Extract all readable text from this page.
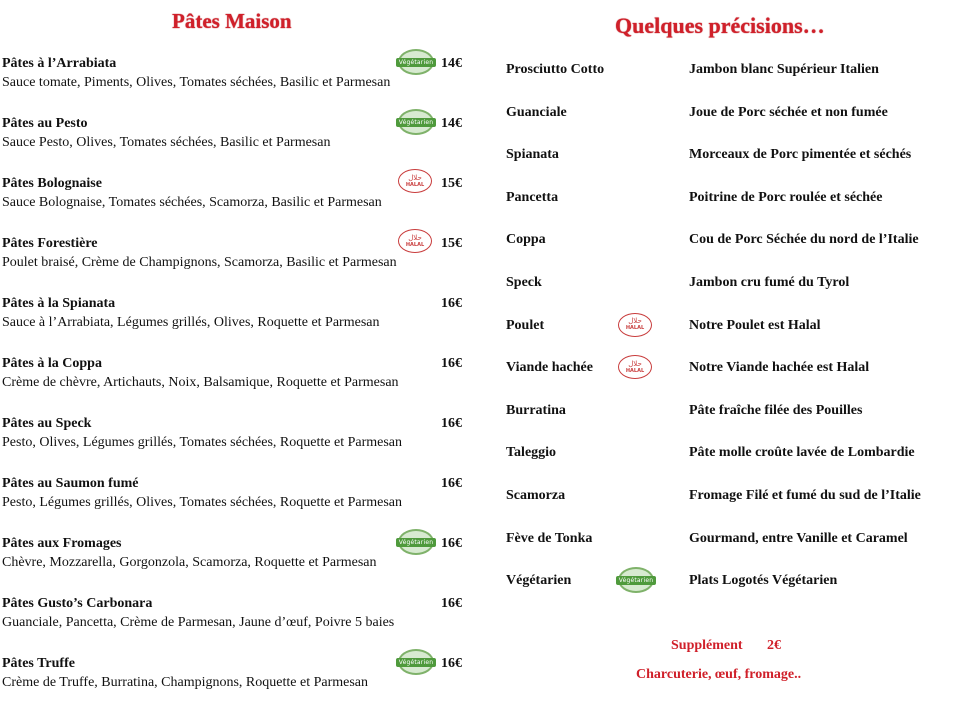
Pâtes Maison
Pâtes à l’Arrabiata	14€
Sauce tomate, Piments, Olives, Tomates séchées, Basilic et Parmesan
Végétarien
Pâtes au Pesto	14€
Sauce Pesto, Olives, Tomates séchées, Basilic et Parmesan
Végétarien
Pâtes Bolognaise	15€
Sauce Bolognaise, Tomates séchées, Scamorza, Basilic et Parmesan
حلال
HALAL
Pâtes Forestière	15€
Poulet braisé, Crème de Champignons, Scamorza, Basilic et Parmesan
حلال
HALAL
Pâtes à la Spianata	16€
Sauce à l’Arrabiata, Légumes grillés, Olives, Roquette et Parmesan
Pâtes à la Coppa	16€
Crème de chèvre, Artichauts, Noix, Balsamique, Roquette et Parmesan
Pâtes au Speck	16€
Pesto, Olives, Légumes grillés, Tomates séchées, Roquette et Parmesan
Pâtes au Saumon fumé	16€
Pesto, Légumes grillés, Olives, Tomates séchées, Roquette et Parmesan
Pâtes aux Fromages	16€
Chèvre, Mozzarella, Gorgonzola, Scamorza, Roquette et Parmesan
Végétarien
Pâtes Gusto’s Carbonara	16€
Guanciale, Pancetta, Crème de Parmesan, Jaune d’œuf, Poivre 5 baies
Pâtes Truffe	16€
Crème de Truffe, Burratina, Champignons, Roquette et Parmesan
Végétarien
Quelques précisions…
Prosciutto Cotto	Jambon blanc Supérieur Italien
Guanciale	Joue de Porc séchée et non fumée
Spianata	Morceaux de Porc pimentée et séchés
Pancetta	Poitrine de Porc roulée et séchée
Coppa	Cou de Porc Séchée du nord de l’Italie
Speck	Jambon cru fumé du Tyrol
Poulet	Notre Poulet est Halal
حلال
HALAL
Viande hachée	Notre Viande hachée est Halal
حلال
HALAL
Burratina	Pâte fraîche filée des Pouilles
Taleggio	Pâte molle croûte lavée de Lombardie
Scamorza	Fromage Filé et fumé du sud de l’Italie
Fève de Tonka	Gourmand, entre Vanille et Caramel
Végétarien	Plats Logotés Végétarien
Végétarien
Supplément 2€
Charcuterie, œuf, fromage..
